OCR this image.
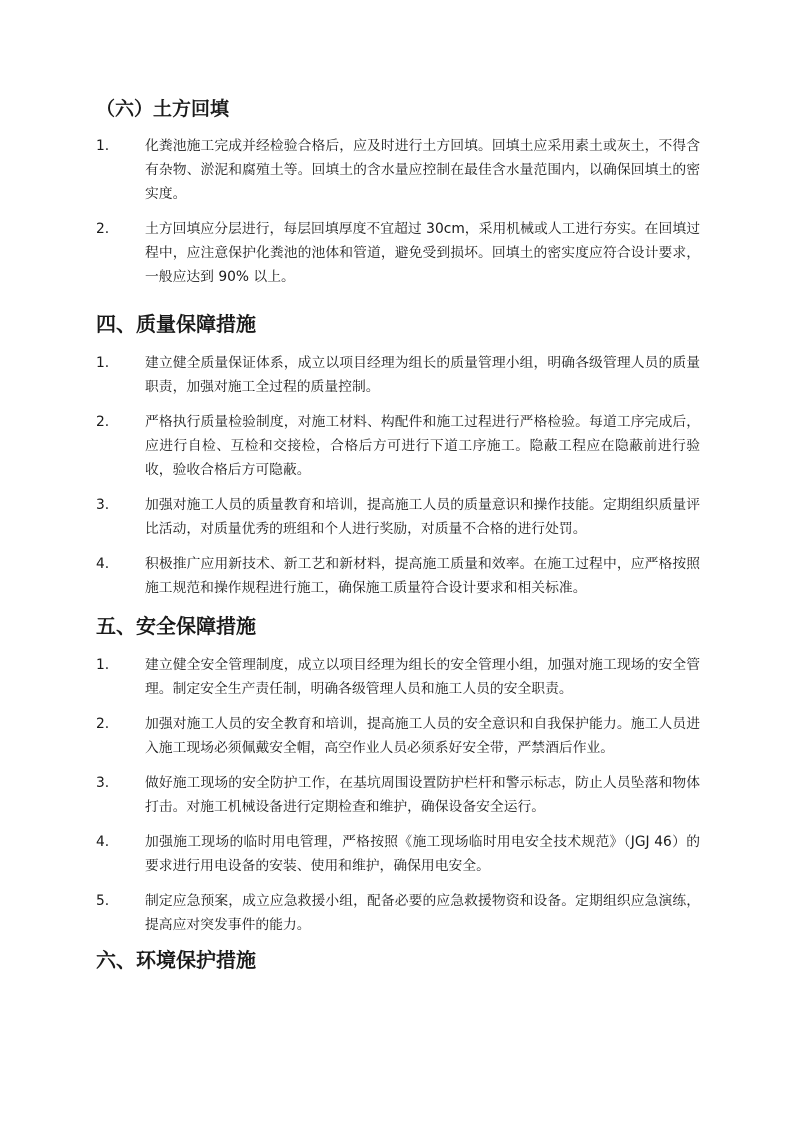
（六）土方回填
1.	化粪池施工完成并经检验合格后，应及时进行土方回填。回填土应采用素土或灰土，不得含有杂物、淤泥和腐殖土等。回填土的含水量应控制在最佳含水量范围内，以确保回填土的密实度。
2.	土方回填应分层进行，每层回填厚度不宜超过 30cm，采用机械或人工进行夯实。在回填过程中，应注意保护化粪池的池体和管道，避免受到损坏。回填土的密实度应符合设计要求，一般应达到 90% 以上。
四、质量保障措施
1.	建立健全质量保证体系，成立以项目经理为组长的质量管理小组，明确各级管理人员的质量职责，加强对施工全过程的质量控制。
2.	严格执行质量检验制度，对施工材料、构配件和施工过程进行严格检验。每道工序完成后，应进行自检、互检和交接检，合格后方可进行下道工序施工。隐蔽工程应在隐蔽前进行验收，验收合格后方可隐蔽。
3.	加强对施工人员的质量教育和培训，提高施工人员的质量意识和操作技能。定期组织质量评比活动，对质量优秀的班组和个人进行奖励，对质量不合格的进行处罚。
4.	积极推广应用新技术、新工艺和新材料，提高施工质量和效率。在施工过程中，应严格按照施工规范和操作规程进行施工，确保施工质量符合设计要求和相关标准。
五、安全保障措施
1.	建立健全安全管理制度，成立以项目经理为组长的安全管理小组，加强对施工现场的安全管理。制定安全生产责任制，明确各级管理人员和施工人员的安全职责。
2.	加强对施工人员的安全教育和培训，提高施工人员的安全意识和自我保护能力。施工人员进入施工现场必须佩戴安全帽，高空作业人员必须系好安全带，严禁酒后作业。
3.	做好施工现场的安全防护工作，在基坑周围设置防护栏杆和警示标志，防止人员坠落和物体打击。对施工机械设备进行定期检查和维护，确保设备安全运行。
4.	加强施工现场的临时用电管理，严格按照《施工现场临时用电安全技术规范》（JGJ 46）的要求进行用电设备的安装、使用和维护，确保用电安全。
5.	制定应急预案，成立应急救援小组，配备必要的应急救援物资和设备。定期组织应急演练，提高应对突发事件的能力。
六、环境保护措施
